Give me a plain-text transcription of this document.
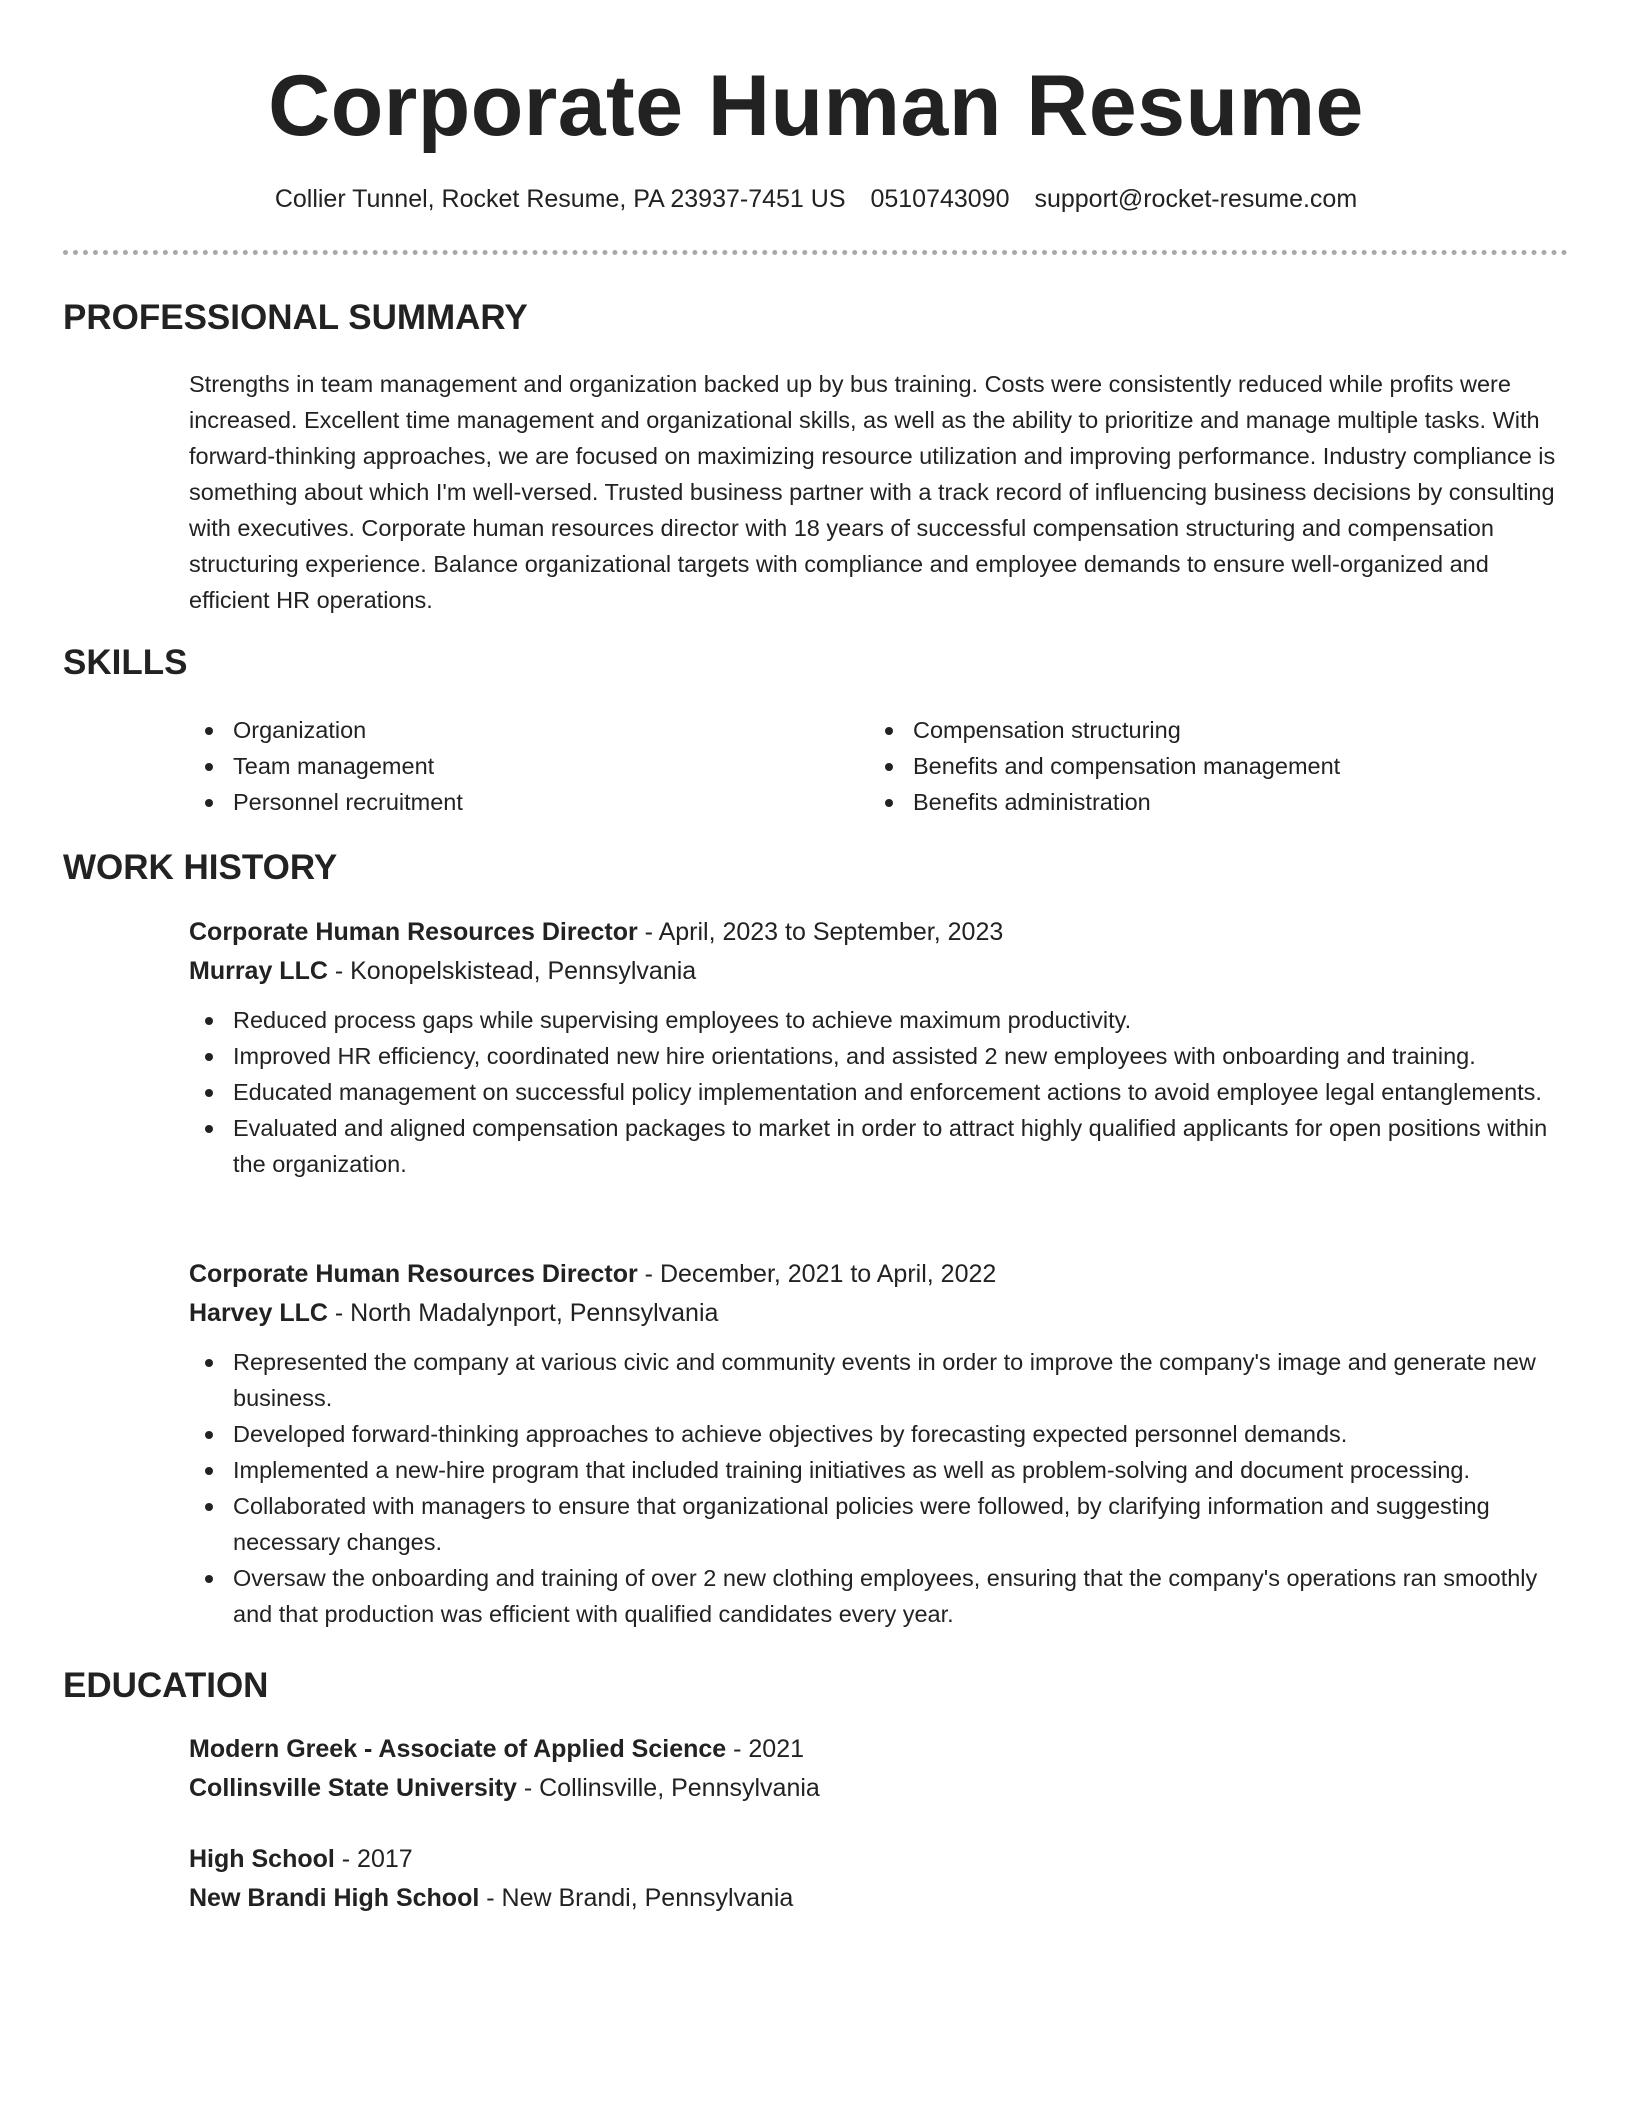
Corporate Human Resume
Collier Tunnel, Rocket Resume, PA 23937-7451 US 0510743090 support@rocket-resume.com
PROFESSIONAL SUMMARY

Strengths in team management and organization backed up by bus training. Costs were consistently reduced while profits were increased. Excellent time management and organizational skills, as well as the ability to prioritize and manage multiple tasks. With forward-thinking approaches, we are focused on maximizing resource utilization and improving performance. Industry compliance is something about which I'm well-versed. Trusted business partner with a track record of influencing business decisions by consulting with executives. Corporate human resources director with 18 years of successful compensation structuring and compensation structuring experience. Balance organizational targets with compliance and employee demands to ensure well-organized and efficient HR operations.

SKILLS
Organization
Team management
Personnel recruitment
Compensation structuring
Benefits and compensation management
Benefits administration
WORK HISTORY
Corporate Human Resources Director - April, 2023 to September, 2023
Murray LLC - Konopelskistead, Pennsylvania
Reduced process gaps while supervising employees to achieve maximum productivity.
Improved HR efficiency, coordinated new hire orientations, and assisted 2 new employees with onboarding and training.
Educated management on successful policy implementation and enforcement actions to avoid employee legal entanglements.
Evaluated and aligned compensation packages to market in order to attract highly qualified applicants for open positions within the organization.
Corporate Human Resources Director - December, 2021 to April, 2022
Harvey LLC - North Madalynport, Pennsylvania
Represented the company at various civic and community events in order to improve the company's image and generate new business.
Developed forward-thinking approaches to achieve objectives by forecasting expected personnel demands.
Implemented a new-hire program that included training initiatives as well as problem-solving and document processing.
Collaborated with managers to ensure that organizational policies were followed, by clarifying information and suggesting necessary changes.
Oversaw the onboarding and training of over 2 new clothing employees, ensuring that the company's operations ran smoothly and that production was efficient with qualified candidates every year.
EDUCATION
Modern Greek - Associate of Applied Science - 2021
Collinsville State University - Collinsville, Pennsylvania
High School - 2017
New Brandi High School - New Brandi, Pennsylvania
